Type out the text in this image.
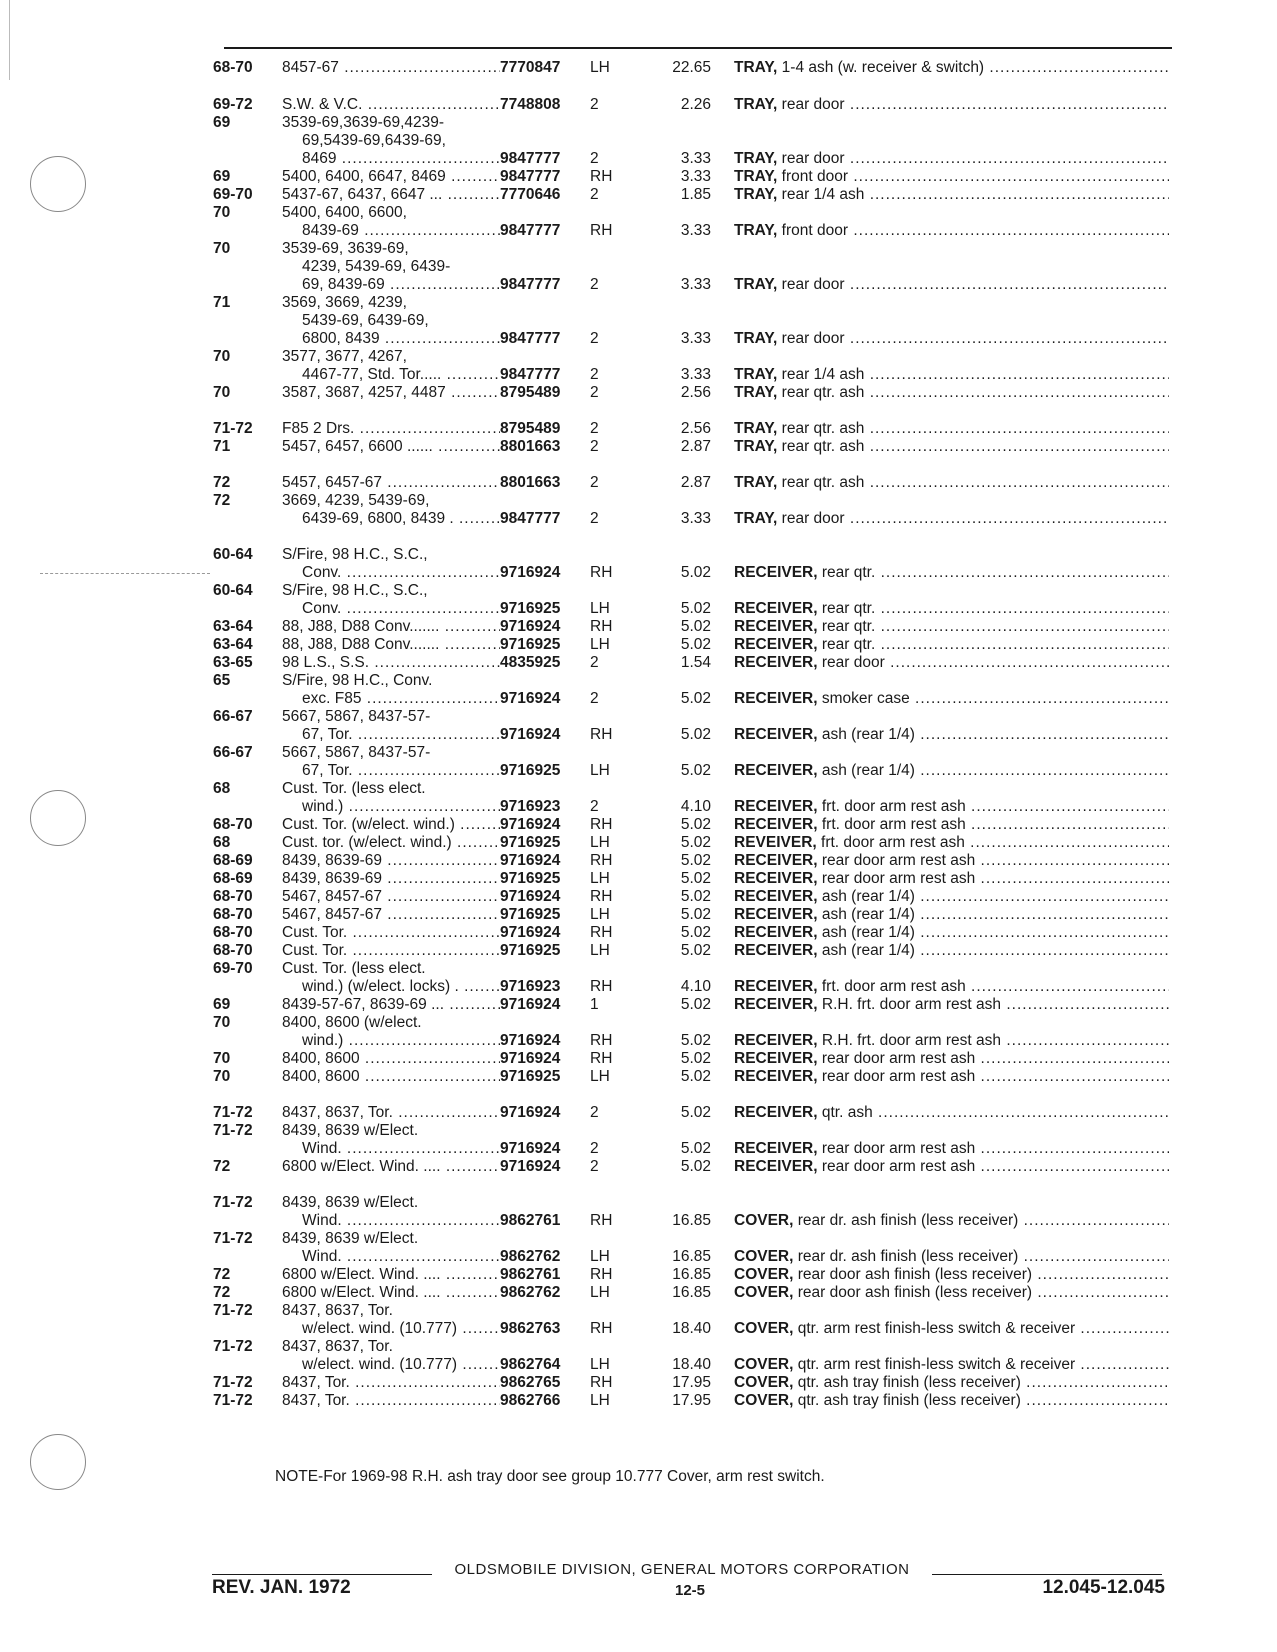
68-70	8457-67 .....	7770847	LH	22.65 TRAY, 1-4 ash (w. receiver & switch) .....
69-72	S.W. & V.C. .....	7748808	2	2.26 TRAY, rear door .....
69	3539-69,3639-69,4239-
69,5439-69,6439-69,
8469 .....	9847777	2	3.33 TRAY, rear door .....
69	5400, 6400, 6647, 8469 .....	9847777	RH	3.33 TRAY, front door .....
69-70	5437-67, 6437, 6647 ... .....	7770646	2	1.85 TRAY, rear 1/4 ash .....
70	5400, 6400, 6600,
8439-69 .....	9847777	RH	3.33 TRAY, front door .....
70	3539-69, 3639-69,
4239, 5439-69, 6439-
69, 8439-69 .....	9847777	2	3.33 TRAY, rear door .....
71	3569, 3669, 4239,
5439-69, 6439-69,
6800, 8439 .....	9847777	2	3.33 TRAY, rear door .....
70	3577, 3677, 4267,
4467-77, Std. Tor..... .....	9847777	2	3.33 TRAY, rear 1/4 ash .....
70	3587, 3687, 4257, 4487 .....	8795489	2	2.56 TRAY, rear qtr. ash .....
71-72	F85 2 Drs. .....	8795489	2	2.56 TRAY, rear qtr. ash .....
71	5457, 6457, 6600 ...... .....	8801663	2	2.87 TRAY, rear qtr. ash .....
72	5457, 6457-67 .....	8801663	2	2.87 TRAY, rear qtr. ash .....
72	3669, 4239, 5439-69,
6439-69, 6800, 8439 . .....	9847777	2	3.33 TRAY, rear door .....
60-64	S/Fire, 98 H.C., S.C.,
Conv. .....	9716924	RH	5.02 RECEIVER, rear qtr. .....
60-64	S/Fire, 98 H.C., S.C.,
Conv. .....	9716925	LH	5.02 RECEIVER, rear qtr. .....
63-64	88, J88, D88 Conv....... .....	9716924	RH	5.02 RECEIVER, rear qtr. .....
63-64	88, J88, D88 Conv....... .....	9716925	LH	5.02 RECEIVER, rear qtr. .....
63-65	98 L.S., S.S. .....	4835925	2	1.54 RECEIVER, rear door .....
65	S/Fire, 98 H.C., Conv.
exc. F85 .....	9716924	2	5.02 RECEIVER, smoker case .....
66-67	5667, 5867, 8437-57-
67, Tor. .....	9716924	RH	5.02 RECEIVER, ash (rear 1/4) .....
66-67	5667, 5867, 8437-57-
67, Tor. .....	9716925	LH	5.02 RECEIVER, ash (rear 1/4) .....
68	Cust. Tor. (less elect.
wind.) .....	9716923	2	4.10 RECEIVER, frt. door arm rest ash .....
68-70	Cust. Tor. (w/elect. wind.) .....	9716924	RH	5.02 RECEIVER, frt. door arm rest ash .....
68	Cust. tor. (w/elect. wind.) .....	9716925	LH	5.02 REVEIVER, frt. door arm rest ash .....
68-69	8439, 8639-69 .....	9716924	RH	5.02 RECEIVER, rear door arm rest ash .....
68-69	8439, 8639-69 .....	9716925	LH	5.02 RECEIVER, rear door arm rest ash .....
68-70	5467, 8457-67 .....	9716924	RH	5.02 RECEIVER, ash (rear 1/4) .....
68-70	5467, 8457-67 .....	9716925	LH	5.02 RECEIVER, ash (rear 1/4) .....
68-70	Cust. Tor. .....	9716924	RH	5.02 RECEIVER, ash (rear 1/4) .....
68-70	Cust. Tor. .....	9716925	LH	5.02 RECEIVER, ash (rear 1/4) .....
69-70	Cust. Tor. (less elect.
wind.) (w/elect. locks) . .....	9716923	RH	4.10 RECEIVER, frt. door arm rest ash .....
69	8439-57-67, 8639-69 ... .....	9716924	1	5.02 RECEIVER, R.H. frt. door arm rest ash .....
70	8400, 8600 (w/elect.
wind.) .....	9716924	RH	5.02 RECEIVER, R.H. frt. door arm rest ash .....
70	8400, 8600 .....	9716924	RH	5.02 RECEIVER, rear door arm rest ash .....
70	8400, 8600 .....	9716925	LH	5.02 RECEIVER, rear door arm rest ash .....
71-72	8437, 8637, Tor. .....	9716924	2	5.02 RECEIVER, qtr. ash .....
71-72	8439, 8639 w/Elect.
Wind. .....	9716924	2	5.02 RECEIVER, rear door arm rest ash .....
72	6800 w/Elect. Wind. .... .....	9716924	2	5.02 RECEIVER, rear door arm rest ash .....
71-72	8439, 8639 w/Elect.
Wind. .....	9862761	RH	16.85 COVER, rear dr. ash finish (less receiver) .....
71-72	8439, 8639 w/Elect.
Wind. .....	9862762	LH	16.85 COVER, rear dr. ash finish (less receiver) .....
72	6800 w/Elect. Wind. .... .....	9862761	RH	16.85 COVER, rear door ash finish (less receiver) .....
72	6800 w/Elect. Wind. .... .....	9862762	LH	16.85 COVER, rear door ash finish (less receiver) .....
71-72	8437, 8637, Tor.
w/elect. wind. (10.777) .....	9862763	RH	18.40 COVER, qtr. arm rest finish-less switch & receiver .....
71-72	8437, 8637, Tor.
w/elect. wind. (10.777) .....	9862764	LH	18.40 COVER, qtr. arm rest finish-less switch & receiver .....
71-72	8437, Tor. .....	9862765	RH	17.95 COVER, qtr. ash tray finish (less receiver) .....
71-72	8437, Tor. .....	9862766	LH	17.95 COVER, qtr. ash tray finish (less receiver) .....
NOTE-For 1969-98 R.H. ash tray door see group 10.777 Cover, arm rest switch.
OLDSMOBILE DIVISION, GENERAL MOTORS CORPORATION
REV. JAN. 1972	12-5	12.045-12.045
